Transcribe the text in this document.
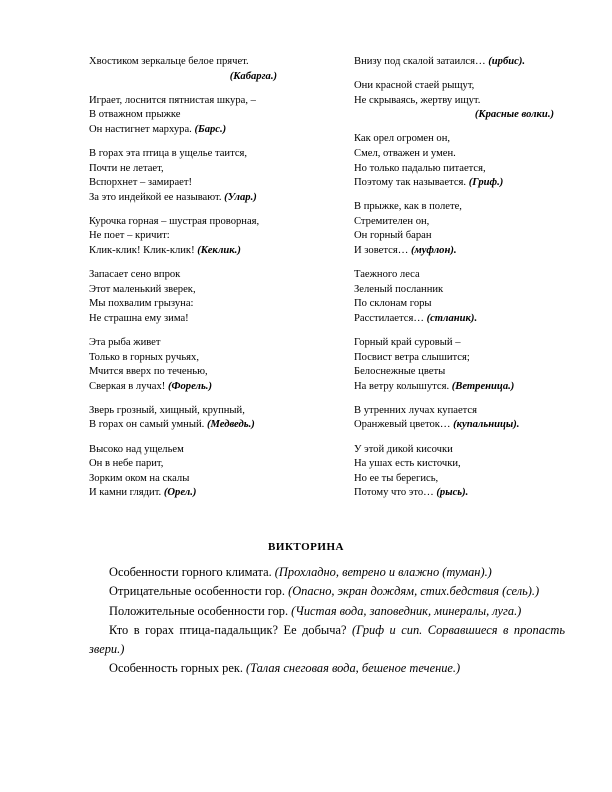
Хвостиком зеркальце белое прячет.
(Кабарга.)
Играет, лоснится пятнистая шкура, –
В отважном прыжке
Он настигнет мархура. (Барс.)
В горах эта птица в ущелье таится,
Почти не летает,
Вспорхнет – замирает!
За это индейкой ее называют. (Улар.)
Курочка горная – шустрая проворная,
Не поет – кричит:
Клик-клик! Клик-клик! (Кеклик.)
Запасает сено впрок
Этот маленький зверек,
Мы похвалим грызуна:
Не страшна ему зима!
Эта рыба живет
Только в горных ручьях,
Мчится вверх по теченью,
Сверкая в лучах! (Форель.)
Зверь грозный, хищный, крупный,
В горах он самый умный. (Медведь.)
Высоко над ущельем
Он в небе парит,
Зорким оком на скалы
И камни глядит. (Орел.)
Внизу под скалой затаился… (ирбис).
Они красной стаей рыщут,
Не скрываясь, жертву ищут.
(Красные волки.)
Как орел огромен он,
Смел, отважен и умен.
Но только падалью питается,
Поэтому так называется. (Гриф.)
В прыжке, как в полете,
Стремителен он,
Он горный баран
И зовется… (муфлон).
Таежного леса
Зеленый посланник
По склонам горы
Расстилается… (стланик).
Горный край суровый –
Посвист ветра слышится;
Белоснежные цветы
На ветру колышутся. (Ветреница.)
В утренних лучах купается
Оранжевый цветок… (купальницы).
У этой дикой киcочки
На ушах есть кисточки,
Но ее ты берегись,
Потому что это… (рысь).
ВИКТОРИНА

Особенности горного климата. (Прохладно, ветрено и влажно (туман).)

Отрицательные особенности гор. (Опасно, экран дождям, стих.бедствия (сель).)

Положительные особенности гор. (Чистая вода, заповедник, минералы, луга.)

Кто в горах птица-падальщик? Ее добыча? (Гриф и сип. Сорвавшиеся в пропасть звери.)

Особенность горных рек. (Талая снеговая вода, бешеное течение.)
